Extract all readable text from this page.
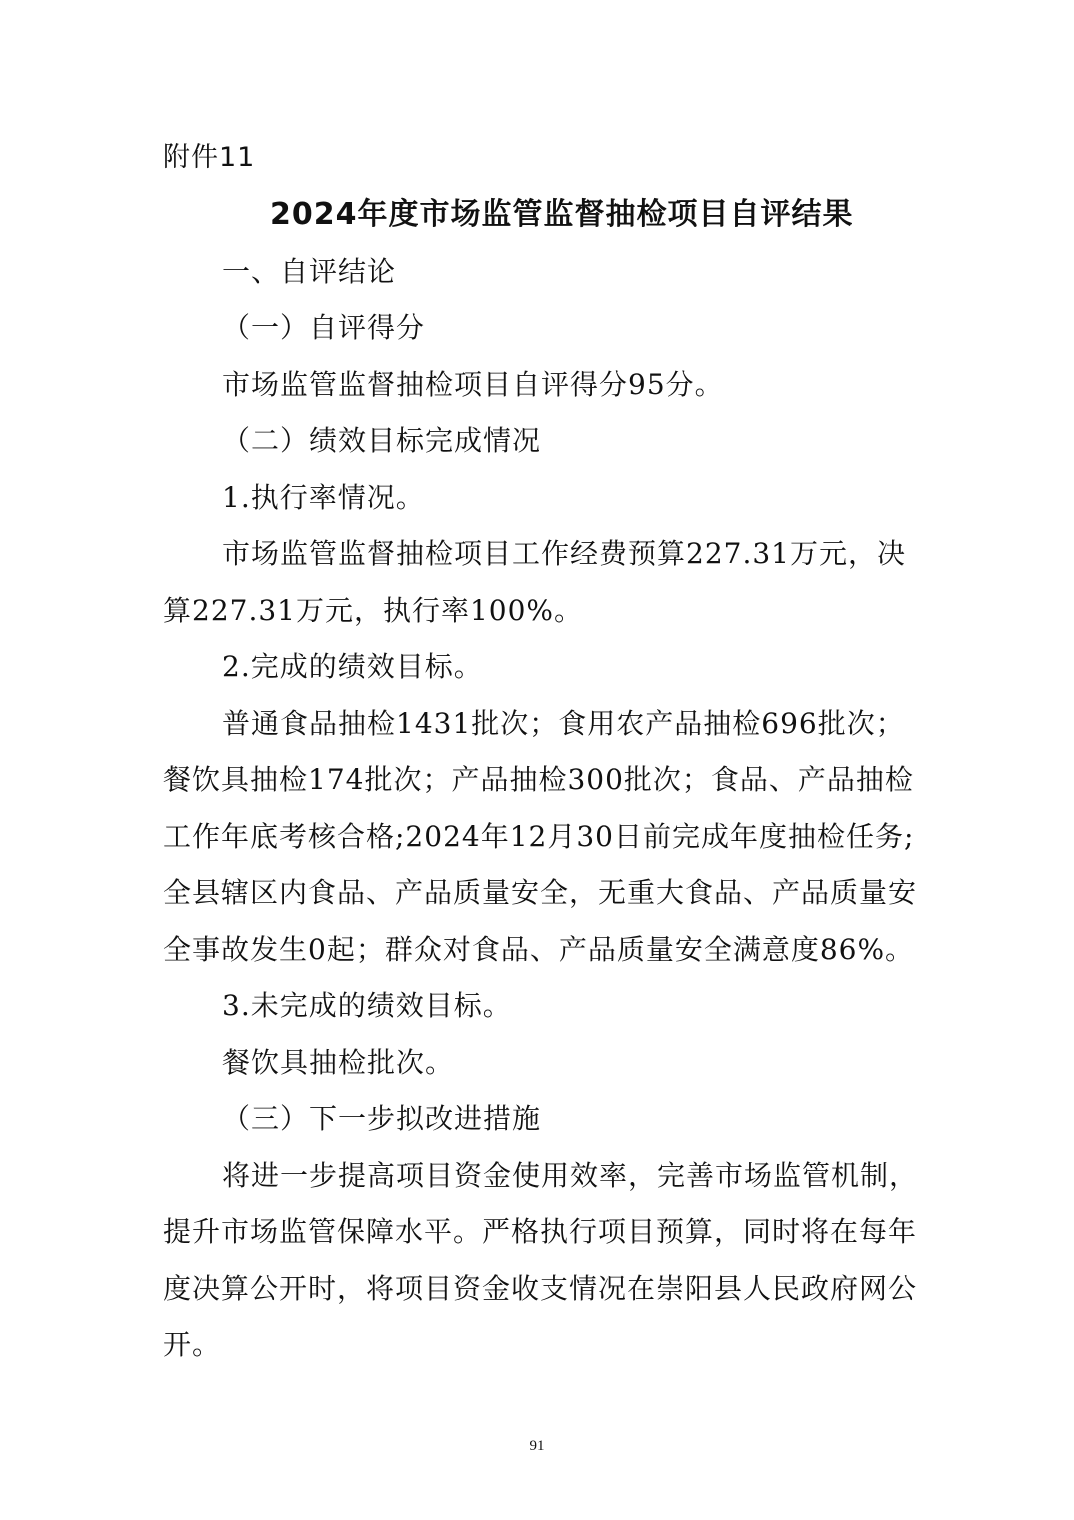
附件11

2024年度市场监管监督抽检项目自评结果

一、自评结论

（一）自评得分

市场监管监督抽检项目自评得分95分。

（二）绩效目标完成情况

1.执行率情况。

市场监管监督抽检项目工作经费预算227.31万元，决

算227.31万元，执行率100%。

2.完成的绩效目标。

普通食品抽检1431批次；食用农产品抽检696批次；

餐饮具抽检174批次；产品抽检300批次；食品、产品抽检

工作年底考核合格;2024年12月30日前完成年度抽检任务;

全县辖区内食品、产品质量安全，无重大食品、产品质量安

全事故发生0起；群众对食品、产品质量安全满意度86%。

3.未完成的绩效目标。

餐饮具抽检批次。

（三）下一步拟改进措施

将进一步提高项目资金使用效率，完善市场监管机制，

提升市场监管保障水平。严格执行项目预算，同时将在每年

度决算公开时，将项目资金收支情况在崇阳县人民政府网公

开。

91
